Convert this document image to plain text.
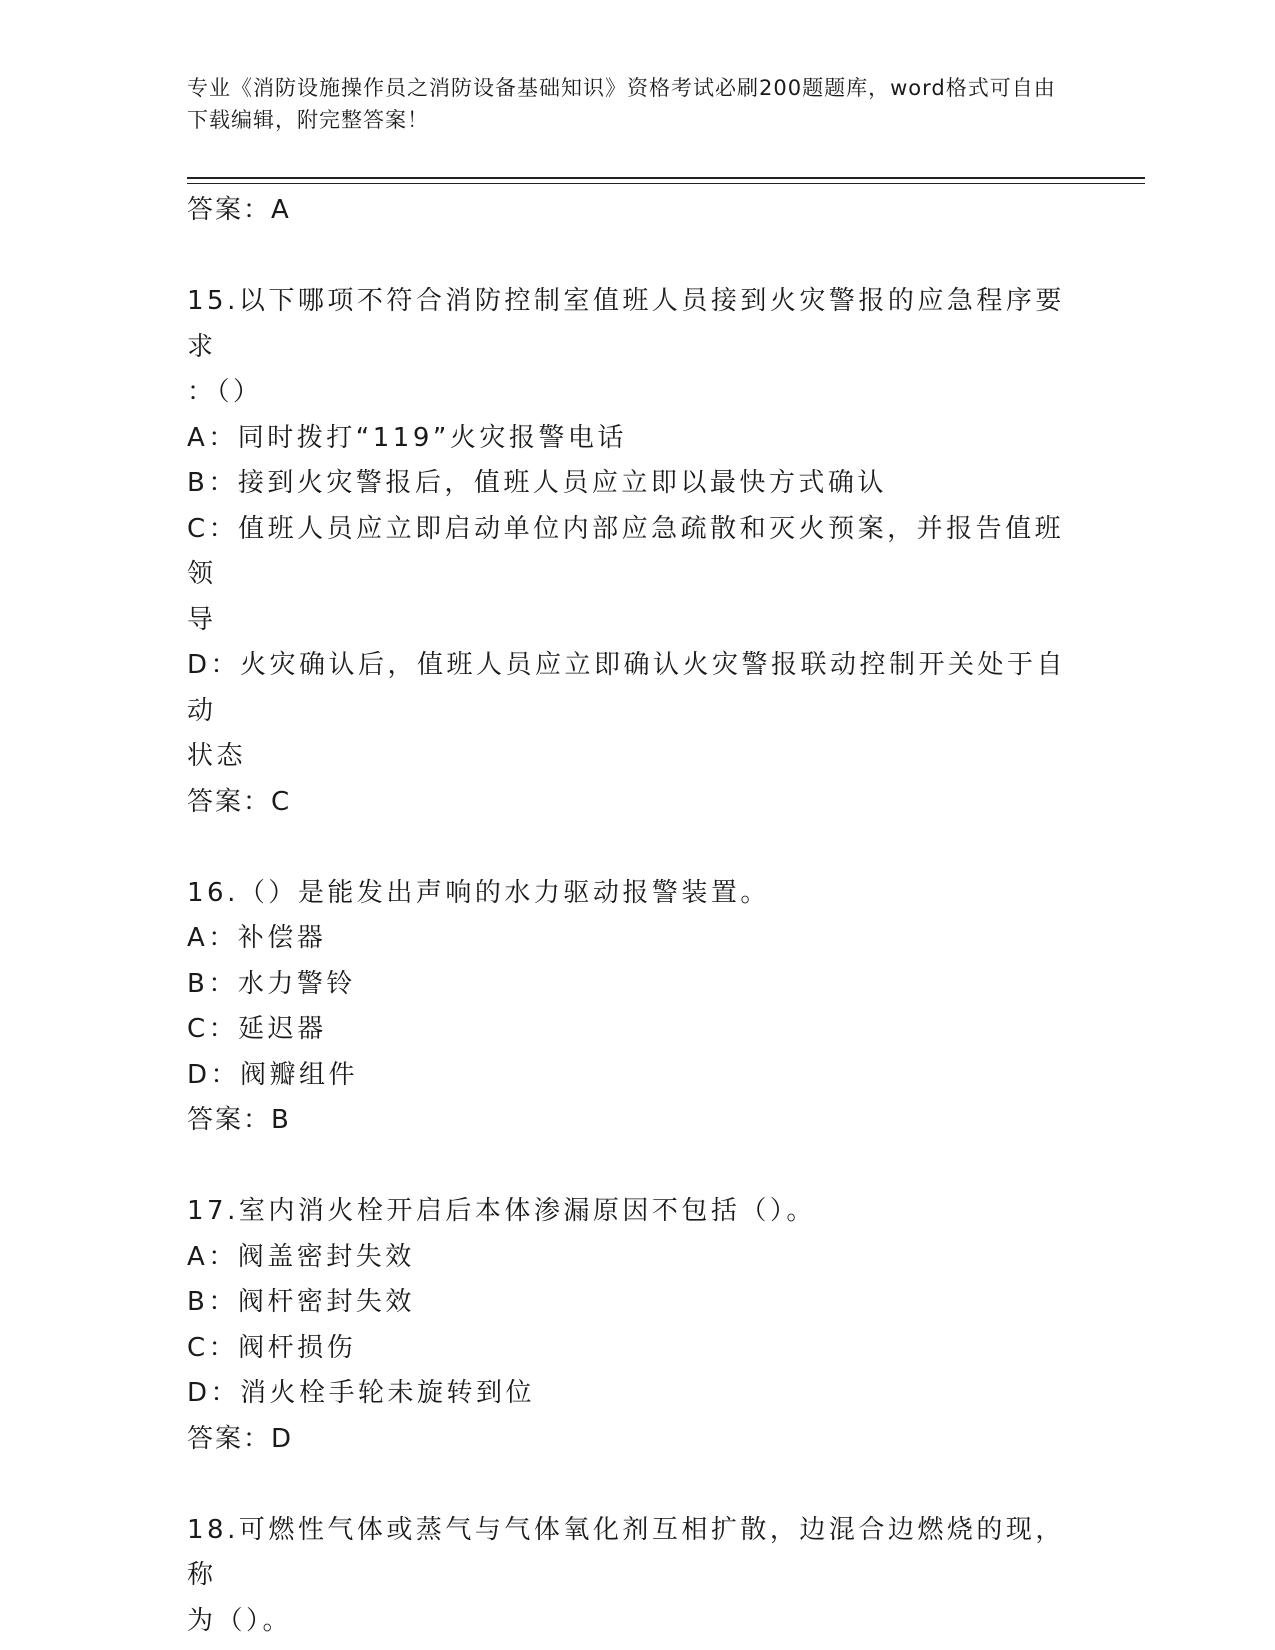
专业《消防设施操作员之消防设备基础知识》资格考试必刷200题题库，word格式可自由下载编辑，附完整答案！

答案：A

15.以下哪项不符合消防控制室值班人员接到火灾警报的应急程序要求

：（）

A：同时拨打“119”火灾报警电话

B：接到火灾警报后，值班人员应立即以最快方式确认

C：值班人员应立即启动单位内部应急疏散和灭火预案，并报告值班领

导

D：火灾确认后，值班人员应立即确认火灾警报联动控制开关处于自动

状态

答案：C

16.（）是能发出声响的水力驱动报警装置。

A：补偿器

B：水力警铃

C：延迟器

D：阀瓣组件

答案：B

17.室内消火栓开启后本体渗漏原因不包括（）。

A：阀盖密封失效

B：阀杆密封失效

C：阀杆损伤

D：消火栓手轮未旋转到位

答案：D

18.可燃性气体或蒸气与气体氧化剂互相扩散，边混合边燃烧的现，称

为（）。
